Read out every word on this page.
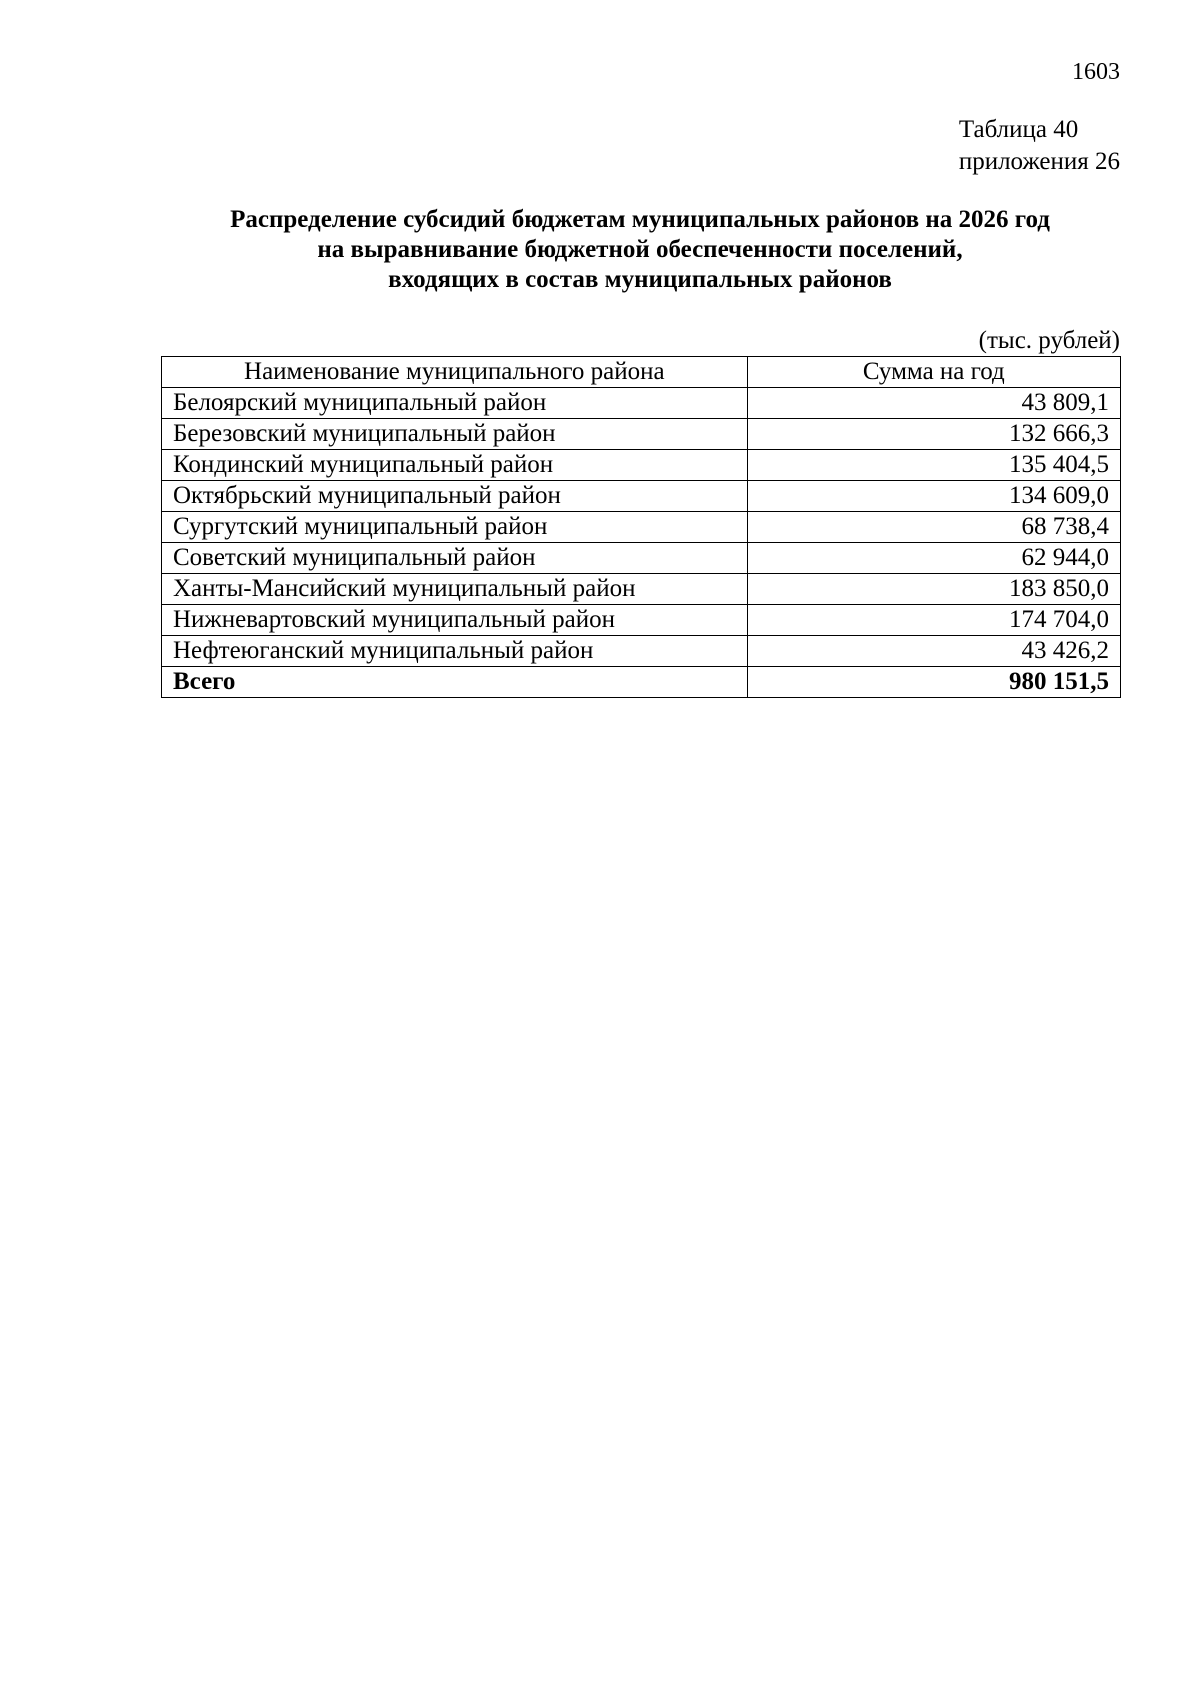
1603
Таблица 40
приложения 26
Распределение субсидий бюджетам муниципальных районов на 2026 год
на выравнивание бюджетной обеспеченности поселений,
входящих в состав муниципальных районов
(тыс. рублей)
Наименование муниципального района	Сумма на год
Белоярский муниципальный район	43 809,1
Березовский муниципальный район	132 666,3
Кондинский муниципальный район	135 404,5
Октябрьский муниципальный район	134 609,0
Сургутский муниципальный район	68 738,4
Советский муниципальный район	62 944,0
Ханты-Мансийский муниципальный район	183 850,0
Нижневартовский муниципальный район	174 704,0
Нефтеюганский муниципальный район	43 426,2
Всего	980 151,5
